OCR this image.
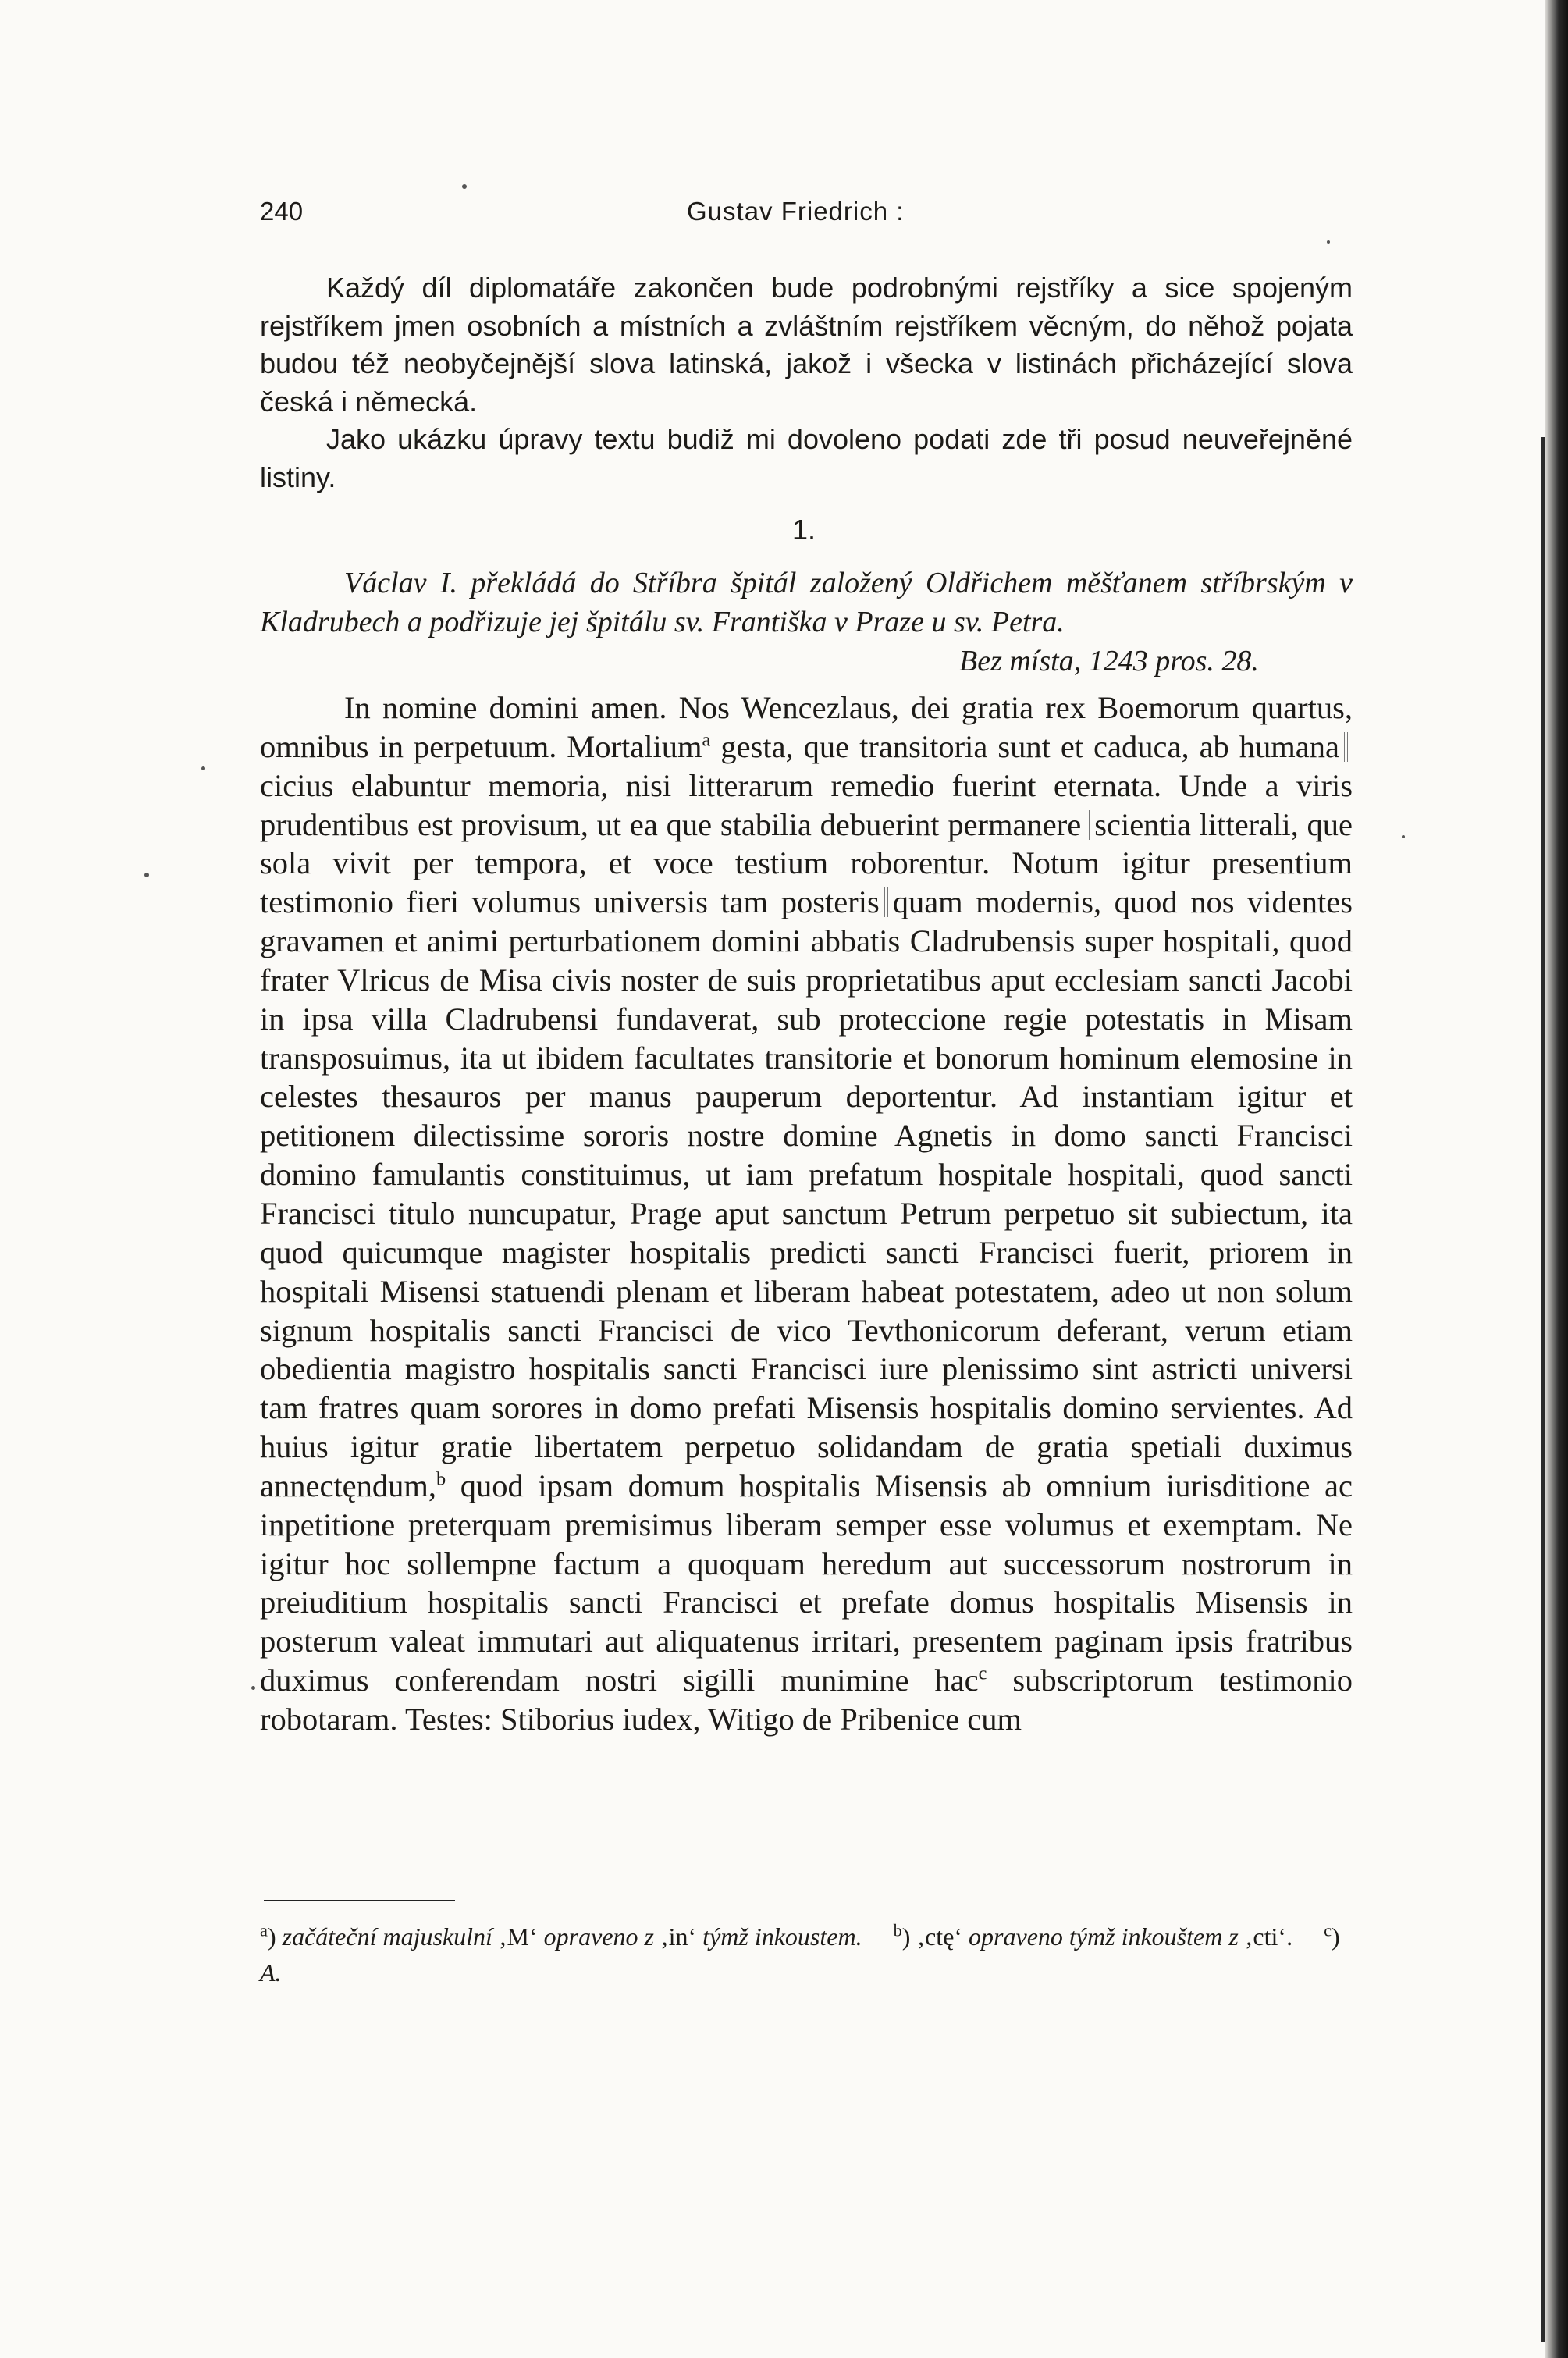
240	Gustav Friedrich :

Každý díl diplomatáře zakončen bude podrobnými rejstříky a sice spojeným rejstříkem jmen osobních a místních a zvláštním rejstříkem věcným, do něhož pojata budou též neobyčejnější slova latinská, jakož i všecka v listinách přicházející slova česká i německá.

Jako ukázku úpravy textu budiž mi dovoleno podati zde tři posud neuveřejněné listiny.

1.
Václav I. překládá do Stříbra špitál založený Oldřichem měšťanem stříbrským v Kladrubech a podřizuje jej špitálu sv. Františka v Praze u sv. Petra.
Bez místa, 1243 pros. 28.
In nomine domini amen. Nos Wencezlaus, dei gratia rex Boemorum quartus, omnibus in perpetuum. Mortalium$^a$ gesta, que transitoria sunt et caduca, ab humanacicius elabuntur memoria, nisi litterarum remedio fuerint eternata. Unde a viris prudentibus est provisum, ut ea que stabilia debuerint permanere scientia litterali, que sola vivit per tempora, et voce testium roborentur. Notum igitur presentium testimonio fieri volumus universis tam posteris quam modernis, quod nos videntes gravamen et animi perturbationem domini abbatis Cladrubensis super hospitali, quod frater Vlricus de Misa civis noster de suis proprietatibus aput ecclesiam sancti Jacobi in ipsa villa Cladrubensi fundaverat, sub proteccione regie potestatis in Misam transposuimus, ita ut ibidem facultates transitorie et bonorum hominum elemosine in celestes thesauros per manus pauperum deportentur. Ad instantiam igitur et petitionem dilectissime sororis nostre domine Agnetis in domo sancti Francisci domino famulantis constituimus, ut iam prefatum hospitale hospitali, quod sancti Francisci titulo nuncupatur, Prage aput sanctum Petrum perpetuo sit subiectum, ita quod quicumque magister hospitalis predicti sancti Francisci fuerit, priorem in hospitali Misensi statuendi plenam et liberam habeat potestatem, adeo ut non solum signum hospitalis sancti Francisci de vico Tevthonicorum deferant, verum etiam obedientia magistro hospitalis sancti Francisci iure plenissimo sint astricti universi tam fratres quam sorores in domo prefati Misensis hospitalis domino servientes. Ad huius igitur gratie libertatem perpetuo solidandam de gratia spetiali duximus annectęndum,$^b$ quod ipsam domum hospitalis Misensis ab omnium iurisditione ac inpetitione preterquam premisimus liberam semper esse volumus et exemptam. Ne igitur hoc sollempne factum a quoquam heredum aut successorum nostrorum in preiuditium hospitalis sancti Francisci et prefate domus hospitalis Misensis in posterum valeat immutari aut aliquatenus irritari, presentem paginam ipsis fratribus duximus conferendam nostri sigilli munimine hac$^c$ subscriptorum testimonio robotaram. Testes: Stiborius iudex, Witigo de Pribenice cum
$^a$) začáteční majuskulní ‚M‘ opraveno z ‚in‘ týmž inkoustem. $^b$) ‚ctę‘ opraveno týmž inkouštem z ‚cti‘. $^c$) A.
